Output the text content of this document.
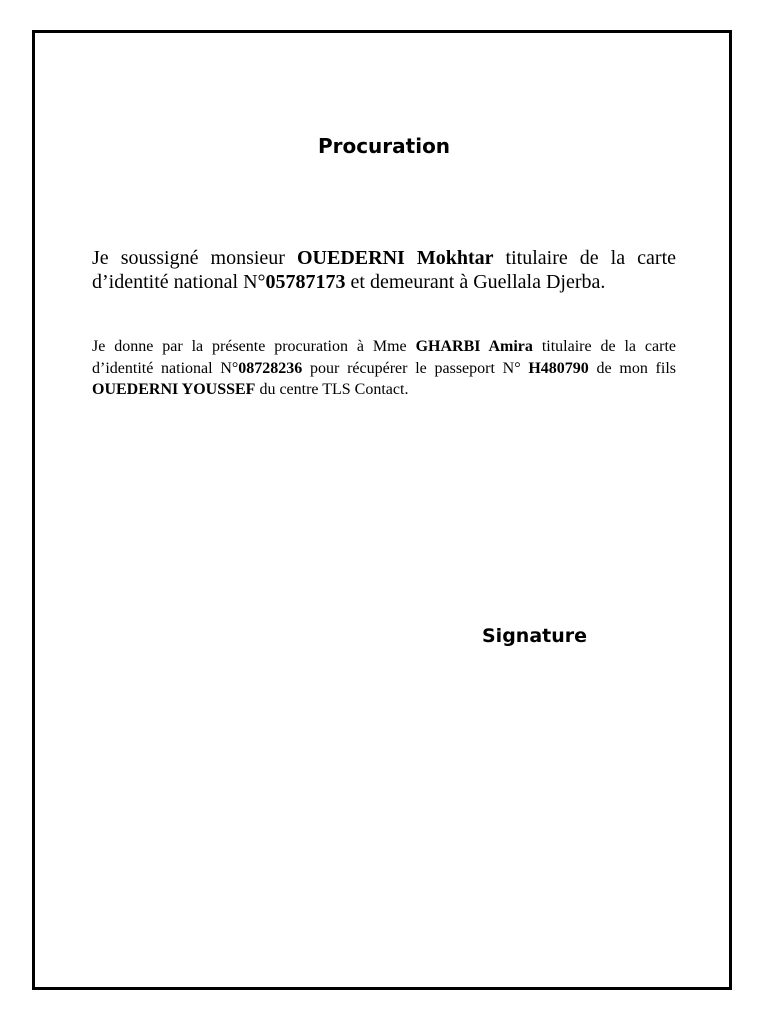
Procuration

Je soussigné monsieur OUEDERNI Mokhtar titulaire de la carte d’identité national N°05787173 et demeurant à Guellala Djerba.

Je donne par la présente procuration à Mme GHARBI Amira titulaire de la carte d’identité national N°08728236 pour récupérer le passeport N° H480790 de mon fils OUEDERNI YOUSSEF du centre TLS Contact.

Signature
